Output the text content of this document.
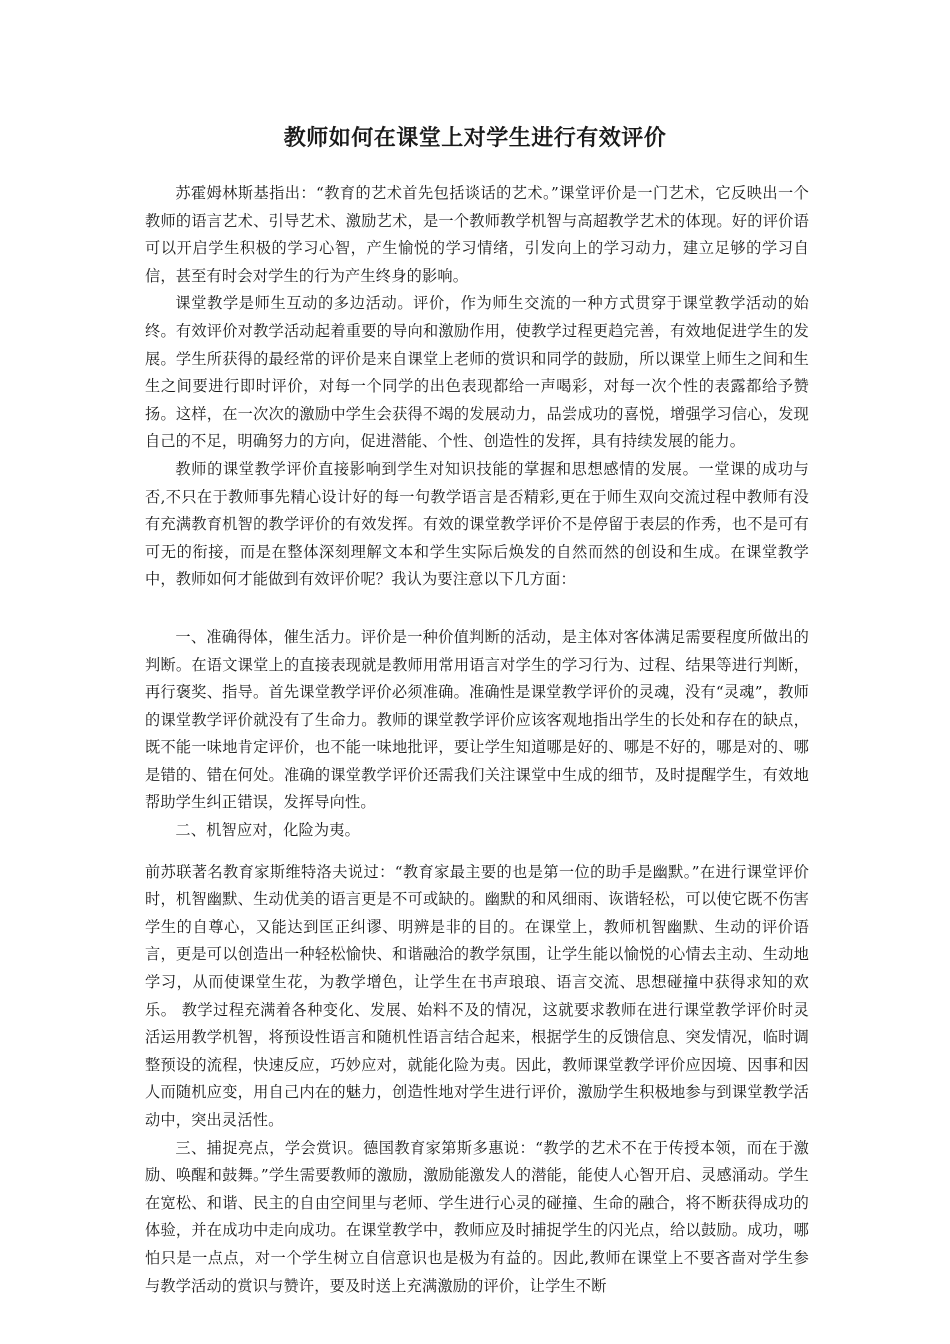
教师如何在课堂上对学生进行有效评价

苏霍姆林斯基指出：“教育的艺术首先包括谈话的艺术。”课堂评价是一门艺术，它反映出一个教师的语言艺术、引导艺术、激励艺术，是一个教师教学机智与高超教学艺术的体现。好的评价语可以开启学生积极的学习心智，产生愉悦的学习情绪，引发向上的学习动力，建立足够的学习自信，甚至有时会对学生的行为产生终身的影响。

课堂教学是师生互动的多边活动。评价，作为师生交流的一种方式贯穿于课堂教学活动的始终。有效评价对教学活动起着重要的导向和激励作用，使教学过程更趋完善，有效地促进学生的发展。学生所获得的最经常的评价是来自课堂上老师的赏识和同学的鼓励，所以课堂上师生之间和生生之间要进行即时评价，对每一个同学的出色表现都给一声喝彩，对每一次个性的表露都给予赞扬。这样，在一次次的激励中学生会获得不竭的发展动力，品尝成功的喜悦，增强学习信心，发现自己的不足，明确努力的方向，促进潜能、个性、创造性的发挥，具有持续发展的能力。

教师的课堂教学评价直接影响到学生对知识技能的掌握和思想感情的发展。一堂课的成功与否,不只在于教师事先精心设计好的每一句教学语言是否精彩,更在于师生双向交流过程中教师有没有充满教育机智的教学评价的有效发挥。有效的课堂教学评价不是停留于表层的作秀，也不是可有可无的衔接，而是在整体深刻理解文本和学生实际后焕发的自然而然的创设和生成。在课堂教学中，教师如何才能做到有效评价呢？我认为要注意以下几方面：

一、准确得体，催生活力。评价是一种价值判断的活动，是主体对客体满足需要程度所做出的判断。在语文课堂上的直接表现就是教师用常用语言对学生的学习行为、过程、结果等进行判断，再行褒奖、指导。首先课堂教学评价必须准确。准确性是课堂教学评价的灵魂，没有“灵魂”，教师的课堂教学评价就没有了生命力。教师的课堂教学评价应该客观地指出学生的长处和存在的缺点，既不能一味地肯定评价，也不能一味地批评，要让学生知道哪是好的、哪是不好的，哪是对的、哪是错的、错在何处。准确的课堂教学评价还需我们关注课堂中生成的细节，及时提醒学生，有效地帮助学生纠正错误，发挥导向性。

二、机智应对，化险为夷。

前苏联著名教育家斯维特洛夫说过：“教育家最主要的也是第一位的助手是幽默。”在进行课堂评价时，机智幽默、生动优美的语言更是不可或缺的。幽默的和风细雨、诙谐轻松，可以使它既不伤害学生的自尊心，又能达到匡正纠谬、明辨是非的目的。在课堂上，教师机智幽默、生动的评价语言，更是可以创造出一种轻松愉快、和谐融洽的教学氛围，让学生能以愉悦的心情去主动、生动地学习，从而使课堂生花，为教学增色，让学生在书声琅琅、语言交流、思想碰撞中获得求知的欢乐。 教学过程充满着各种变化、发展、始料不及的情况，这就要求教师在进行课堂教学评价时灵活运用教学机智，将预设性语言和随机性语言结合起来，根据学生的反馈信息、突发情况，临时调整预设的流程，快速反应，巧妙应对，就能化险为夷。因此，教师课堂教学评价应因境、因事和因人而随机应变，用自己内在的魅力，创造性地对学生进行评价，激励学生积极地参与到课堂教学活动中，突出灵活性。

三、捕捉亮点，学会赏识。德国教育家第斯多惠说：“教学的艺术不在于传授本领，而在于激励、唤醒和鼓舞。”学生需要教师的激励，激励能激发人的潜能，能使人心智开启、灵感涌动。学生在宽松、和谐、民主的自由空间里与老师、学生进行心灵的碰撞、生命的融合，将不断获得成功的体验，并在成功中走向成功。在课堂教学中，教师应及时捕捉学生的闪光点，给以鼓励。成功，哪怕只是一点点，对一个学生树立自信意识也是极为有益的。因此,教师在课堂上不要吝啬对学生参与教学活动的赏识与赞许，要及时送上充满激励的评价，让学生不断
